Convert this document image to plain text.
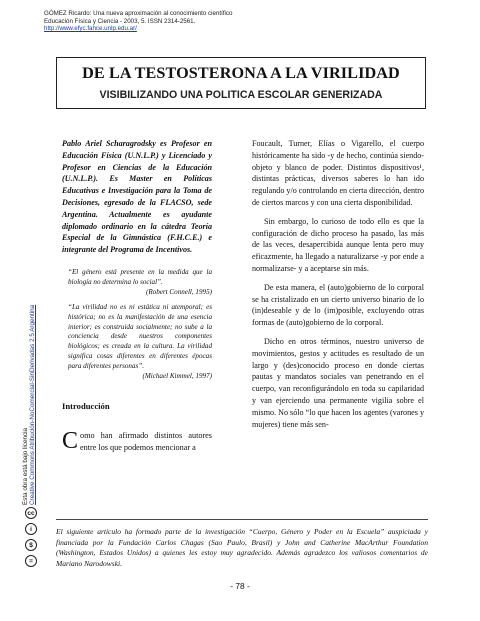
GÓMEZ Ricardo: Una nueva aproximación al conocimiento científico
Educación Física y Ciencia - 2003, 5. ISSN 2314-2561.
http://www.efyc.fahce.unlp.edu.ar/
DE LA TESTOSTERONA A LA VIRILIDAD
VISIBILIZANDO UNA POLITICA ESCOLAR GENERIZADA
Pablo Ariel Scharagrodsky es Profesor en Educación Física (U.N.L.P.) y Licenciado y Profesor en Ciencias de la Educación (U.N.L.P.). Es Master en Políticas Educativas e Investigación para la Toma de Decisiones, egresado de la FLACSO, sede Argentina. Actualmente es ayudante diplomado ordinario en la cátedra Teoría Especial de la Gimnástica (F.H.C.E.) e integrante del Programa de Incentivos.
“El género está presente en la medida que la biología no determina lo social”.
(Robert Connell, 1995)
“La virilidad no es ni estática ni atemporal; es histórica; no es la manifestación de una esencia interior; es construida socialmente; no sube a la conciencia desde nuestros componentes biológicos; es creada en la cultura. La virilidad significa cosas diferentes en diferentes épocas para diferentes personas”.
(Michael Kimmel, 1997)
Introducción
C omo han afirmado distintos autores entre los que podemos mencionar a

Foucault, Turner, Elías o Vigarello, el cuerpo históricamente ha sido -y de hecho, continúa siendo- objeto y blanco de poder. Distintos dispositivos¹, distintas prácticas, diversos saberes lo han ido regulando y/o controlando en cierta dirección, dentro de ciertos marcos y con una cierta disponibilidad.

Sin embargo, lo curioso de todo ello es que la configuración de dicho proceso ha pasado, las más de las veces, desapercibida aunque lenta pero muy eficazmente, ha llegado a naturalizarse -y por ende a normalizarse- y a aceptarse sin más.

De esta manera, el (auto)gobierno de lo corporal se ha cristalizado en un cierto universo binario de lo (in)deseable y de lo (im)posible, excluyendo otras formas de (auto)gobierno de lo corporal.

Dicho en otros términos, nuestro universo de movimientos, gestos y actitudes es resultado de un largo y (des)conocido proceso en donde ciertas pautas y mandatos sociales van penetrando en el cuerpo, van reconfigurándolo en toda su capilaridad y van ejerciendo una permanente vigilia sobre el mismo. No sólo “lo que hacen los agentes (varones y mujeres) tiene más sen-

cc
i
$
=
Esta obra está bajo licencia Creative Commons Atribución-NoComercial-SinDerivadas 2.5 Argentina
El siguiente artículo ha formado parte de la investigación “Cuerpo, Género y Poder en la Escuela” auspiciada y financiada por la Fundación Carlos Chagas (Sao Paulo, Brasil) y John and Catherine MacArthur Foundation (Washington, Estados Unidos) a quienes les estoy muy agradecido. Además agradezco los valiosos comentarios de Mariano Narodowski.
- 78 -
